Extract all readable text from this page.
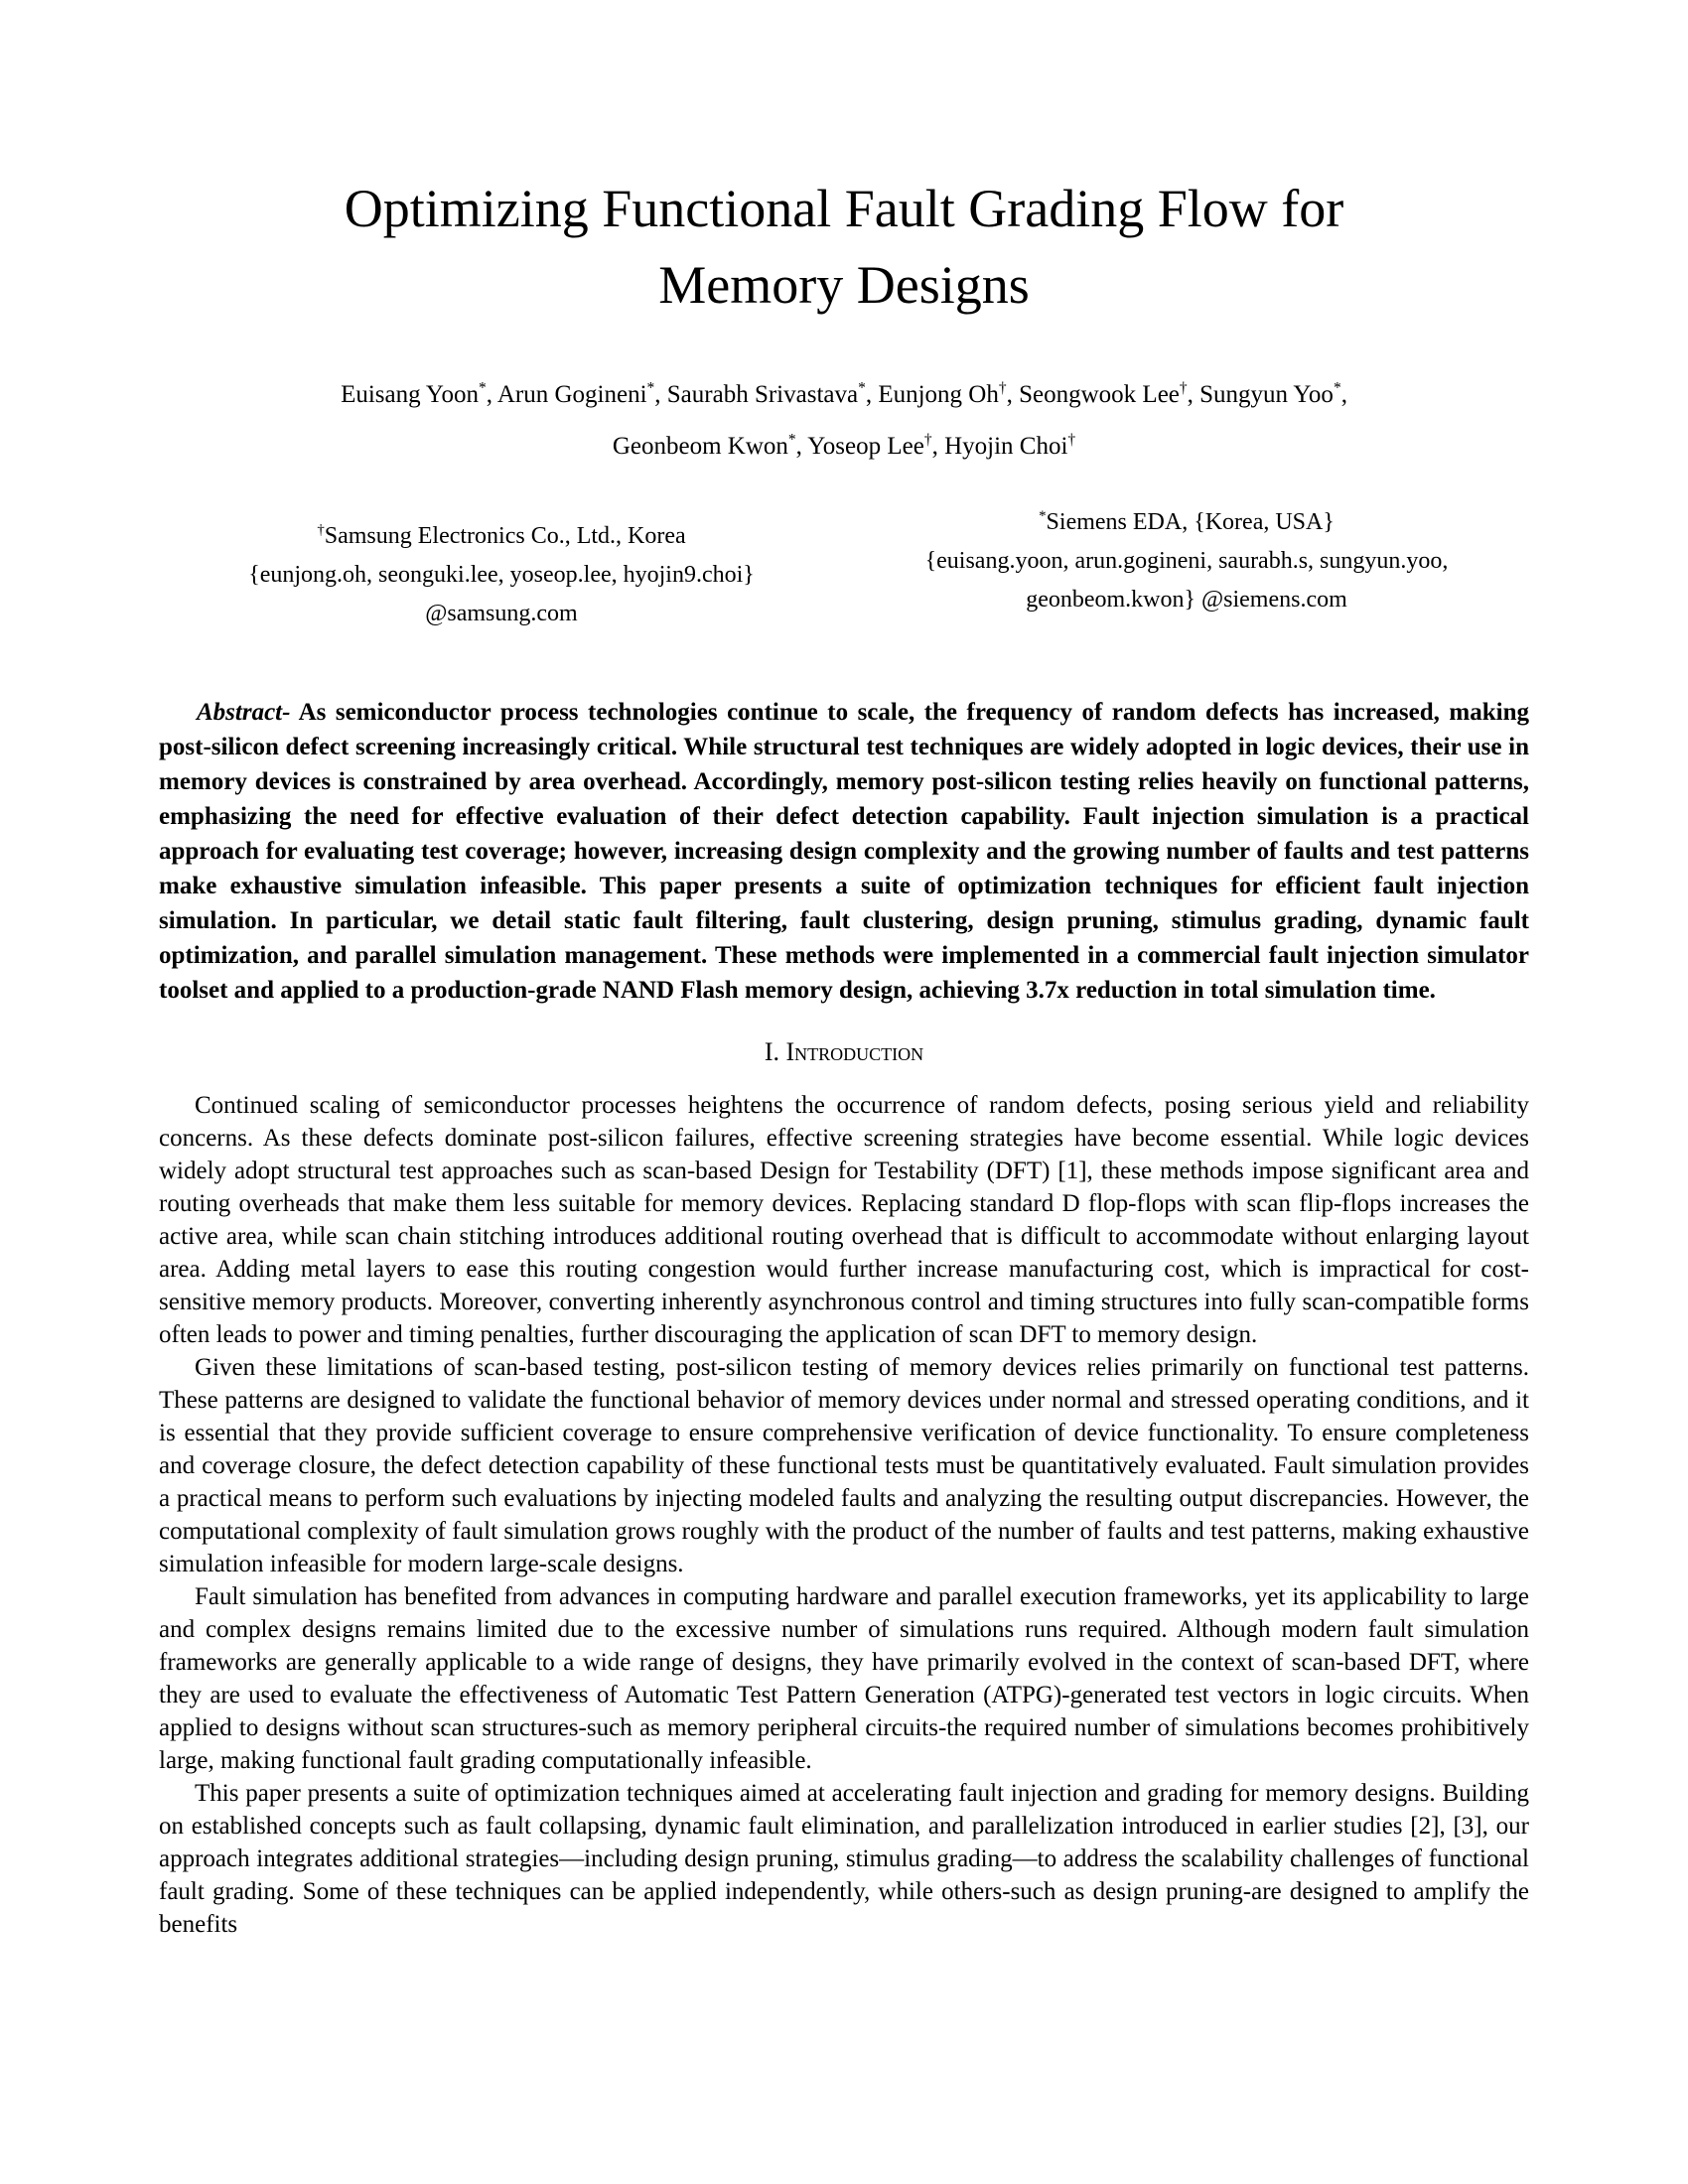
Optimizing Functional Fault Grading Flow for
Memory Designs
Euisang Yoon*, Arun Gogineni*, Saurabh Srivastava*, Eunjong Oh†, Seongwook Lee†, Sungyun Yoo*,
Geonbeom Kwon*, Yoseop Lee†, Hyojin Choi†
†Samsung Electronics Co., Ltd., Korea
{eunjong.oh, seonguki.lee, yoseop.lee, hyojin9.choi}
@samsung.com
*Siemens EDA, {Korea, USA}
{euisang.yoon, arun.gogineni, saurabh.s, sungyun.yoo,
geonbeom.kwon} @siemens.com

Abstract- As semiconductor process technologies continue to scale, the frequency of random defects has increased, making post-silicon defect screening increasingly critical. While structural test techniques are widely adopted in logic devices, their use in memory devices is constrained by area overhead. Accordingly, memory post-silicon testing relies heavily on functional patterns, emphasizing the need for effective evaluation of their defect detection capability. Fault injection simulation is a practical approach for evaluating test coverage; however, increasing design complexity and the growing number of faults and test patterns make exhaustive simulation infeasible. This paper presents a suite of optimization techniques for efficient fault injection simulation. In particular, we detail static fault filtering, fault clustering, design pruning, stimulus grading, dynamic fault optimization, and parallel simulation management. These methods were implemented in a commercial fault injection simulator toolset and applied to a production-grade NAND Flash memory design, achieving 3.7x reduction in total simulation time.

I. Introduction

Continued scaling of semiconductor processes heightens the occurrence of random defects, posing serious yield and reliability concerns. As these defects dominate post-silicon failures, effective screening strategies have become essential. While logic devices widely adopt structural test approaches such as scan-based Design for Testability (DFT) [1], these methods impose significant area and routing overheads that make them less suitable for memory devices. Replacing standard D flop-flops with scan flip-flops increases the active area, while scan chain stitching introduces additional routing overhead that is difficult to accommodate without enlarging layout area. Adding metal layers to ease this routing congestion would further increase manufacturing cost, which is impractical for cost-sensitive memory products. Moreover, converting inherently asynchronous control and timing structures into fully scan-compatible forms often leads to power and timing penalties, further discouraging the application of scan DFT to memory design.

Given these limitations of scan-based testing, post-silicon testing of memory devices relies primarily on functional test patterns. These patterns are designed to validate the functional behavior of memory devices under normal and stressed operating conditions, and it is essential that they provide sufficient coverage to ensure comprehensive verification of device functionality. To ensure completeness and coverage closure, the defect detection capability of these functional tests must be quantitatively evaluated. Fault simulation provides a practical means to perform such evaluations by injecting modeled faults and analyzing the resulting output discrepancies. However, the computational complexity of fault simulation grows roughly with the product of the number of faults and test patterns, making exhaustive simulation infeasible for modern large-scale designs.

Fault simulation has benefited from advances in computing hardware and parallel execution frameworks, yet its applicability to large and complex designs remains limited due to the excessive number of simulations runs required. Although modern fault simulation frameworks are generally applicable to a wide range of designs, they have primarily evolved in the context of scan-based DFT, where they are used to evaluate the effectiveness of Automatic Test Pattern Generation (ATPG)-generated test vectors in logic circuits. When applied to designs without scan structures-such as memory peripheral circuits-the required number of simulations becomes prohibitively large, making functional fault grading computationally infeasible.

This paper presents a suite of optimization techniques aimed at accelerating fault injection and grading for memory designs. Building on established concepts such as fault collapsing, dynamic fault elimination, and parallelization introduced in earlier studies [2], [3], our approach integrates additional strategies—including design pruning, stimulus grading—to address the scalability challenges of functional fault grading. Some of these techniques can be applied independently, while others-such as design pruning-are designed to amplify the benefits
